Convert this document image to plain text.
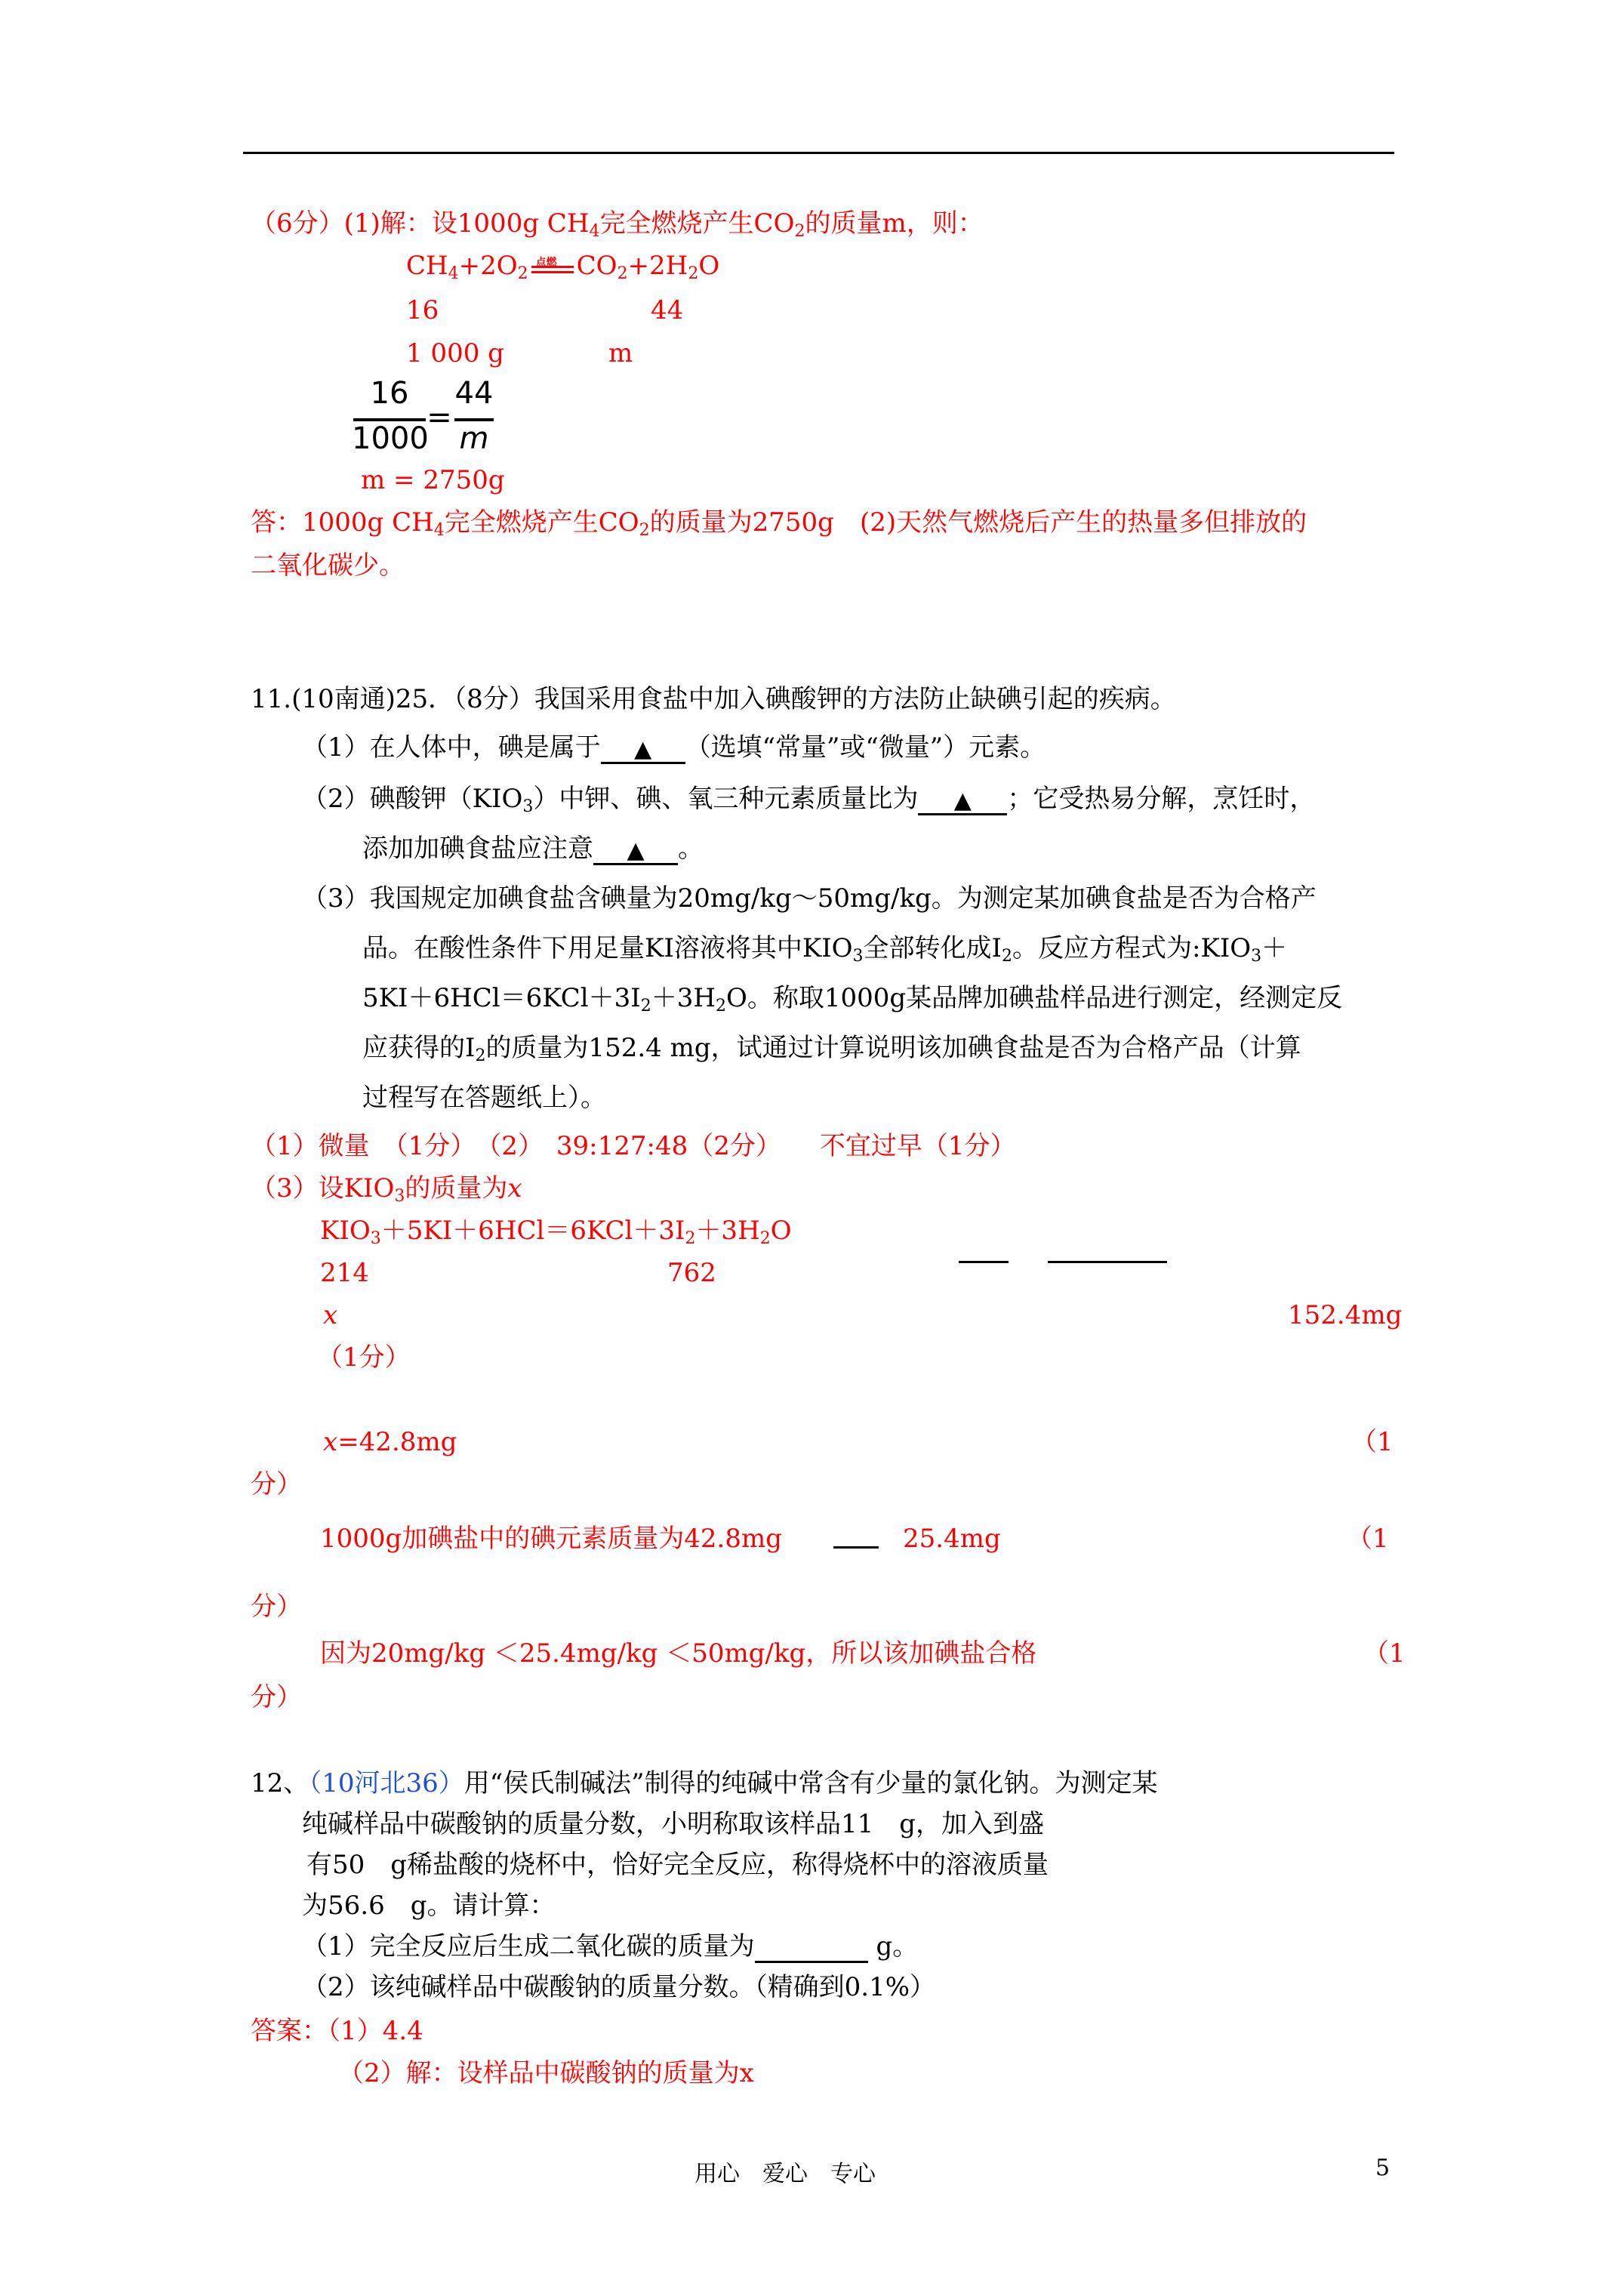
（6分）(1)解：设1000g $CH_4$完全燃烧产生$CO_2$的质量m，则：
$CH_4+2O_2$
点燃 $CO_2+2H_2O$
16	44
1 000 g	m
16
1000
=
44
m
m = 2750g
答：1000g $CH_4$完全燃烧产生$CO_2$的质量为2750g　(2)天然气燃烧后产生的热量多但排放的
二氧化碳少。
11.(10南通)25．（8分）我国采用食盐中加入碘酸钾的方法防止缺碘引起的疾病。
（1）在人体中，碘是属于 ▲ （选填“常量”或“微量”）元素。
（2）碘酸钾$(KIO_3)$中钾、碘、氧三种元素质量比为 ▲ ；它受热易分解，烹饪时，
添加加碘食盐应注意 ▲ 。
（3）我国规定加碘食盐含碘量为20mg/kg～50mg/kg。为测定某加碘食盐是否为合格产
品。在酸性条件下用足量KI溶液将其中$KIO_3$全部转化成$I_2$。反应方程式为$:KIO_3+$
$5KI+6HCl=6KCl+3I_2+3H_2O$。称取1000g某品牌加碘盐样品进行测定，经测定反
应获得的$I_2$的质量为152.4 mg，试通过计算说明该加碘食盐是否为合格产品（计算
过程写在答题纸上）。
（1）微量　（1分）　（2）　39:127:48（2分）　　不宜过早（1分）
（3）设$KIO_3$的质量为x
$KIO_3+5KI+6HCl=6KCl+3I_2+3H_2O$
214	762
x	152.4mg
（1分）
x=42.8mg	（1
分）
1000g加碘盐中的碘元素质量为42.8mg	25.4mg	（1
分）
因为20mg/kg ＜25.4mg/kg ＜50mg/kg，所以该加碘盐合格	（1
分）
12、（10河北36）用“侯氏制碱法”制得的纯碱中常含有少量的氯化钠。为测定某
纯碱样品中碳酸钠的质量分数，小明称取该样品11　g，加入到盛
有50　g稀盐酸的烧杯中，恰好完全反应，称得烧杯中的溶液质量
为56.6　g。请计算：
（1）完全反应后生成二氧化碳的质量为	g。
（2）该纯碱样品中碳酸钠的质量分数。（精确到0.1%）
答案：（1）4.4
（2）解：设样品中碳酸钠的质量为x
用心　爱心　专心	5
